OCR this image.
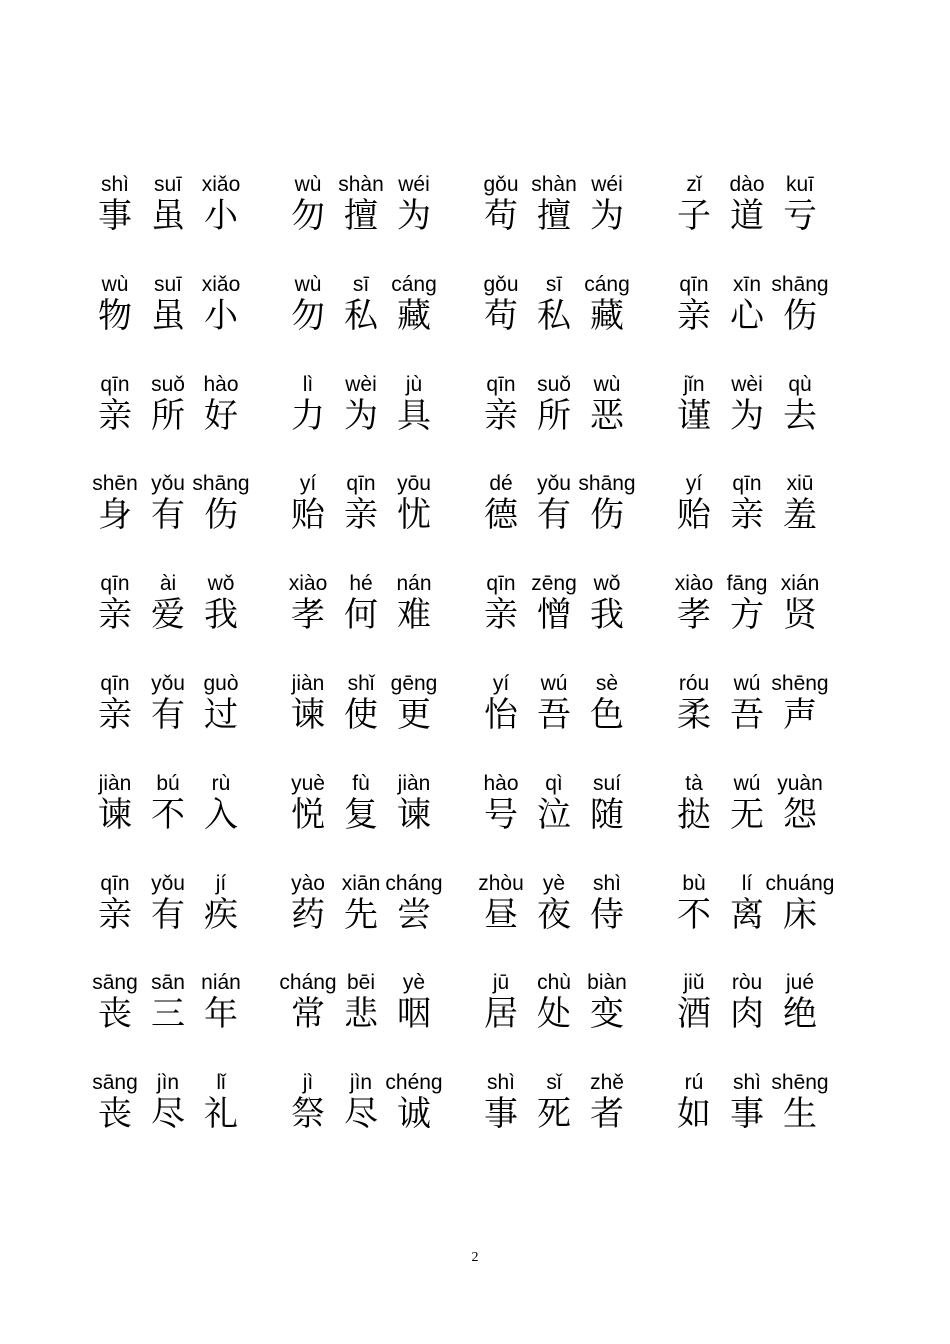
shì
事
suī
虽
xiǎo
小
wù
勿
shàn
擅
wéi
为
gǒu
苟
shàn
擅
wéi
为
zǐ
子
dào
道
kuī
亏
wù
物
suī
虽
xiǎo
小
wù
勿
sī
私
cáng
藏
gǒu
苟
sī
私
cáng
藏
qīn
亲
xīn
心
shāng
伤
qīn
亲
suǒ
所
hào
好
lì
力
wèi
为
jù
具
qīn
亲
suǒ
所
wù
恶
jǐn
谨
wèi
为
qù
去
shēn
身
yǒu
有
shāng
伤
yí
贻
qīn
亲
yōu
忧
dé
德
yǒu
有
shāng
伤
yí
贻
qīn
亲
xiū
羞
qīn
亲
ài
爱
wǒ
我
xiào
孝
hé
何
nán
难
qīn
亲
zēng
憎
wǒ
我
xiào
孝
fāng
方
xián
贤
qīn
亲
yǒu
有
guò
过
jiàn
谏
shǐ
使
gēng
更
yí
怡
wú
吾
sè
色
róu
柔
wú
吾
shēng
声
jiàn
谏
bú
不
rù
入
yuè
悦
fù
复
jiàn
谏
hào
号
qì
泣
suí
随
tà
挞
wú
无
yuàn
怨
qīn
亲
yǒu
有
jí
疾
yào
药
xiān
先
cháng
尝
zhòu
昼
yè
夜
shì
侍
bù
不
lí
离
chuáng
床
sāng
丧
sān
三
nián
年
cháng
常
bēi
悲
yè
咽
jū
居
chù
处
biàn
变
jiǔ
酒
ròu
肉
jué
绝
sāng
丧
jìn
尽
lǐ
礼
jì
祭
jìn
尽
chéng
诚
shì
事
sǐ
死
zhě
者
rú
如
shì
事
shēng
生
2
